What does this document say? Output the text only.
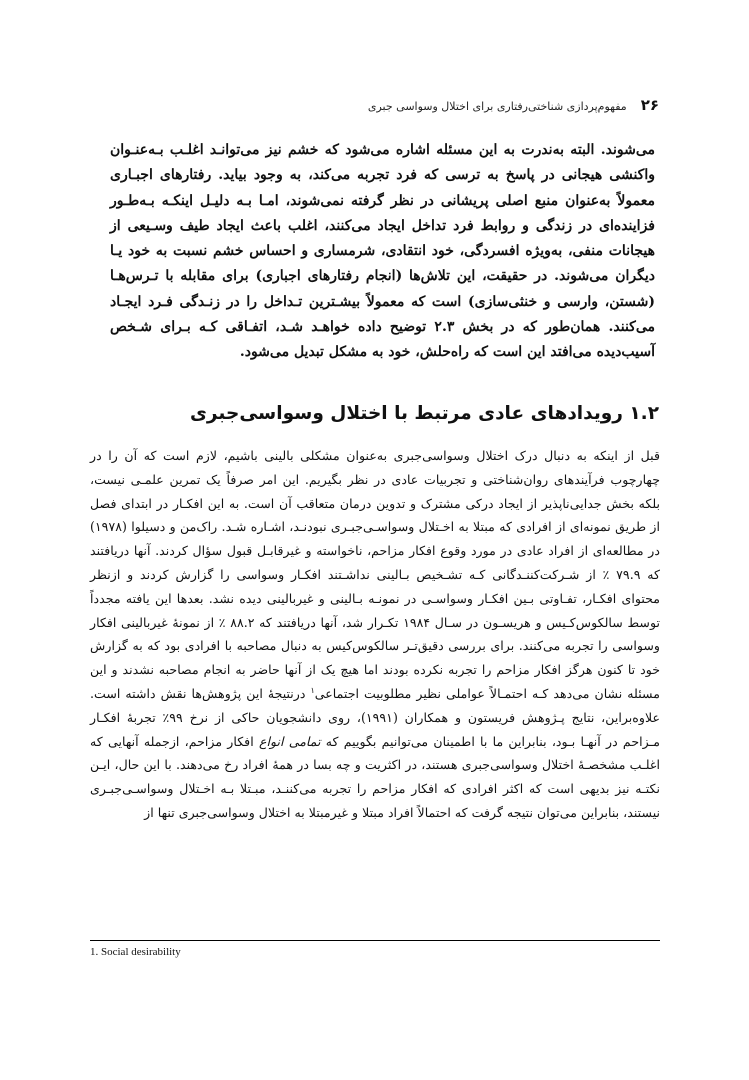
۲۶
مفهوم‌پردازی شناختی‌رفتاری برای اختلال وسواسی جبری

می‌شوند. البته به‌ندرت به این مسئله اشاره می‌شود که خشم نیز می‌توانـد اغلـب بـه‌عنـوان واکنشی هیجانی در پاسخ به ترسی که فرد تجربه می‌کند، به وجود بیاید. رفتارهای اجبـاری معمولاً به‌عنوان منبع اصلی پریشانی در نظر گرفته نمی‌شوند، امـا بـه دلیـل اینکـه بـه‌طـور فزاینده‌ای در زندگی و روابط فرد تداخل ایجاد می‌کنند، اغلب باعث ایجاد طیف وسـیعی از هیجانات منفی، به‌ویژه افسردگی، خود انتقادی، شرمساری و احساس خشم نسبت به خود یـا دیگران می‌شوند. در حقیقت، این تلاش‌ها (انجام رفتارهای اجباری) برای مقابله با تـرس‌هـا (شستن، وارسی و خنثی‌سازی) است که معمولاً بیشـترین تـداخل را در زنـدگی فـرد ایجـاد می‌کنند. همان‌طور که در بخش ۲.۳ توضیح داده خواهـد شـد، اتفـاقی کـه بـرای شـخص آسیب‌دیده می‌افتد این است که راه‌حلش، خود به مشکل تبدیل می‌شود.

۱.۲ رویدادهای عادی مرتبط با اختلال وسواسی‌جبری

قبل از اینکه به دنبال درک اختلال وسواسی‌جبری به‌عنوان مشکلی بالینی باشیم، لازم است که آن را در چهارچوب فرآیندهای روان‌شناختی و تجربیات عادی در نظر بگیریم. این امر صرفاً یک تمرین علمـی نیست، بلکه بخش جدایی‌ناپذیر از ایجاد درکی مشترک و تدوین درمان متعاقب آن است. به این افکـار در ابتدای فصل از طریق نمونه‌ای از افرادی که مبتلا به اخـتلال وسواسـی‌جبـری نبودنـد، اشـاره شـد. راک‌من و دسیلوا (۱۹۷۸) در مطالعه‌ای از افراد عادی در مورد وقوع افکار مزاحم، ناخواسته و غیرقابـل قبول سؤال کردند. آنها دریافتند که ۷۹.۹ ٪ از شـرکت‌کننـدگانی کـه تشـخیص بـالینی نداشـتند افکـار وسواسی را گزارش کردند و ازنظر محتوای افکـار، تفـاوتی بـین افکـار وسواسـی در نمونـه بـالینی و غیربالینی دیده نشد. بعدها این یافته مجدداً توسط سالکوس‌کـیس و هریسـون در سـال ۱۹۸۴ تکـرار شد، آنها دریافتند که ۸۸.۲ ٪ از نمونهٔ غیربالینی افکار وسواسی را تجربه می‌کنند. برای بررسی دقیق‌تـر سالکوس‌کیس به دنبال مصاحبه با افرادی بود که به گزارش خود تا کنون هرگز افکار مزاحم را تجربه نکرده بودند اما هیچ یک از آنها حاضر به انجام مصاحبه نشدند و این مسئله نشان می‌دهد کـه احتمـالاً عواملی نظیر مطلوبیت اجتماعی$^۱$ درنتیجهٔ این پژوهش‌ها نقش داشته است. علاوه‌براین، نتایج پـژوهش فریستون و همکاران (۱۹۹۱)، روی دانشجویان حاکی از نرخ ۹۹٪ تجربهٔ افکـار مـزاحم در آنهـا بـود، بنابراین ما با اطمینان می‌توانیم بگوییم که تمامی انواع افکار مزاحم، ازجمله آنهایی که اغلـب مشخصـهٔ اختلال وسواسی‌جبری هستند، در اکثریت و چه بسا در همهٔ افراد رخ می‌دهند. با این حال، ایـن نکتـه نیز بدیهی است که اکثر افرادی که افکار مزاحم را تجربه می‌کننـد، مبـتلا بـه اخـتلال وسواسـی‌جبـری نیستند، بنابراین می‌توان نتیجه گرفت که احتمالاً افراد مبتلا و غیرمبتلا به اختلال وسواسی‌جبری تنها از

1. Social desirability
